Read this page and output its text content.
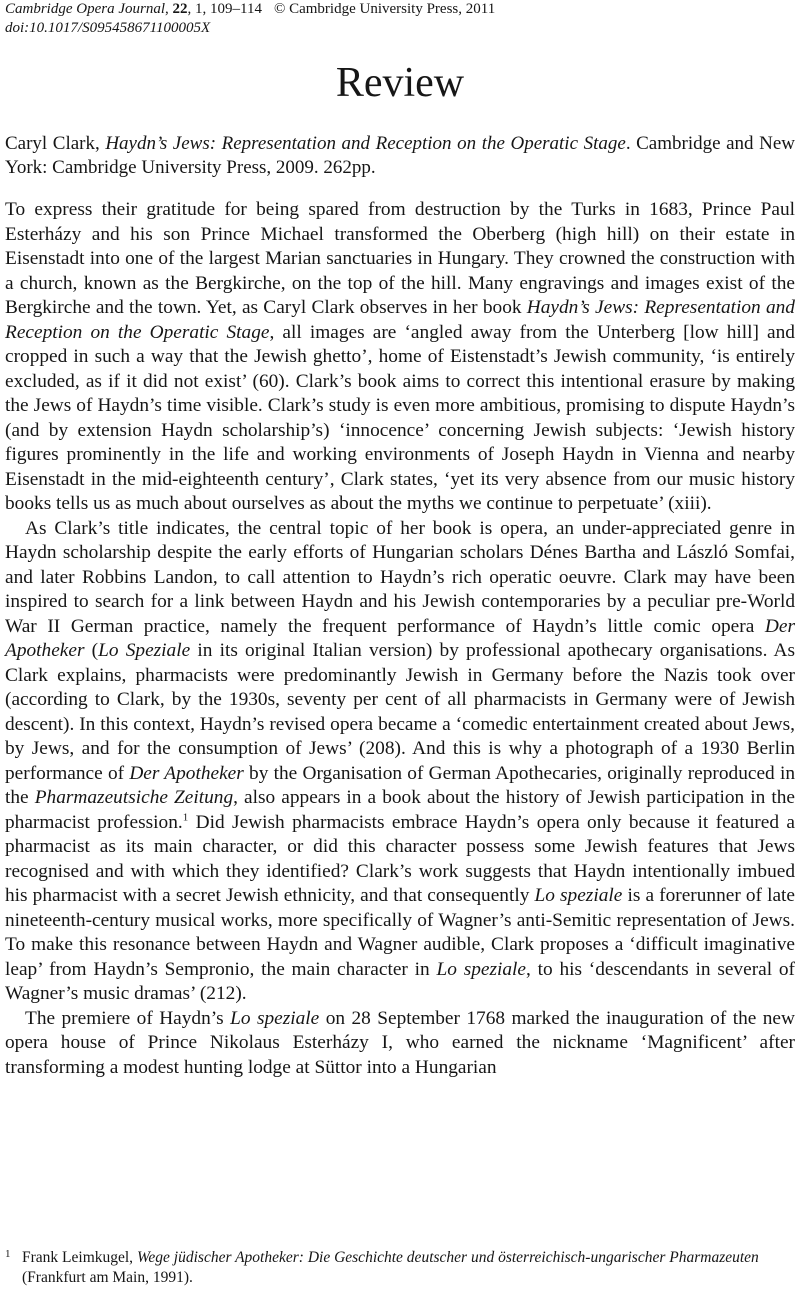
Cambridge Opera Journal, 22, 1, 109–114 © Cambridge University Press, 2011
doi:10.1017/S095458671100005X
Review

Caryl Clark, Haydn’s Jews: Representation and Reception on the Operatic Stage. Cambridge and New York: Cambridge University Press, 2009. 262pp.

To express their gratitude for being spared from destruction by the Turks in 1683, Prince Paul Esterházy and his son Prince Michael transformed the Oberberg (high hill) on their estate in Eisenstadt into one of the largest Marian sanctuaries in Hungary. They crowned the construction with a church, known as the Bergkirche, on the top of the hill. Many engravings and images exist of the Bergkirche and the town. Yet, as Caryl Clark observes in her book Haydn’s Jews: Representation and Reception on the Operatic Stage, all images are ‘angled away from the Unterberg [low hill] and cropped in such a way that the Jewish ghetto’, home of Eistenstadt’s Jewish community, ‘is entirely excluded, as if it did not exist’ (60). Clark’s book aims to correct this intentional erasure by making the Jews of Haydn’s time visible. Clark’s study is even more ambitious, promising to dispute Haydn’s (and by extension Haydn scholarship’s) ‘innocence’ concerning Jewish subjects: ‘Jewish history figures prominently in the life and working environments of Joseph Haydn in Vienna and nearby Eisenstadt in the mid-eighteenth century’, Clark states, ‘yet its very absence from our music history books tells us as much about ourselves as about the myths we continue to perpetuate’ (xiii).

As Clark’s title indicates, the central topic of her book is opera, an under-appreciated genre in Haydn scholarship despite the early efforts of Hungarian scholars Dénes Bartha and László Somfai, and later Robbins Landon, to call attention to Haydn’s rich operatic oeuvre. Clark may have been inspired to search for a link between Haydn and his Jewish contemporaries by a peculiar pre-World War II German practice, namely the frequent performance of Haydn’s little comic opera Der Apotheker (Lo Speziale in its original Italian version) by professional apothecary organisations. As Clark explains, pharmacists were predominantly Jewish in Germany before the Nazis took over (according to Clark, by the 1930s, seventy per cent of all pharmacists in Germany were of Jewish descent). In this context, Haydn’s revised opera became a ‘comedic entertainment created about Jews, by Jews, and for the consumption of Jews’ (208). And this is why a photograph of a 1930 Berlin performance of Der Apotheker by the Organisation of German Apothecaries, originally reproduced in the Pharmazeutsiche Zeitung, also appears in a book about the history of Jewish participation in the pharmacist profession.$^1$ Did Jewish pharmacists embrace Haydn’s opera only because it featured a pharmacist as its main character, or did this character possess some Jewish features that Jews recognised and with which they identified? Clark’s work suggests that Haydn intentionally imbued his pharmacist with a secret Jewish ethnicity, and that consequently Lo speziale is a forerunner of late nineteenth-century musical works, more specifically of Wagner’s anti-Semitic representation of Jews. To make this resonance between Haydn and Wagner audible, Clark proposes a ‘difficult imaginative leap’ from Haydn’s Sempronio, the main character in Lo speziale, to his ‘descendants in several of Wagner’s music dramas’ (212).

The premiere of Haydn’s Lo speziale on 28 September 1768 marked the inauguration of the new opera house of Prince Nikolaus Esterházy I, who earned the nickname ‘Magnificent’ after transforming a modest hunting lodge at Süttor into a Hungarian

1 Frank Leimkugel, Wege jüdischer Apotheker: Die Geschichte deutscher und österreichisch-ungarischer Pharmazeuten (Frankfurt am Main, 1991).
